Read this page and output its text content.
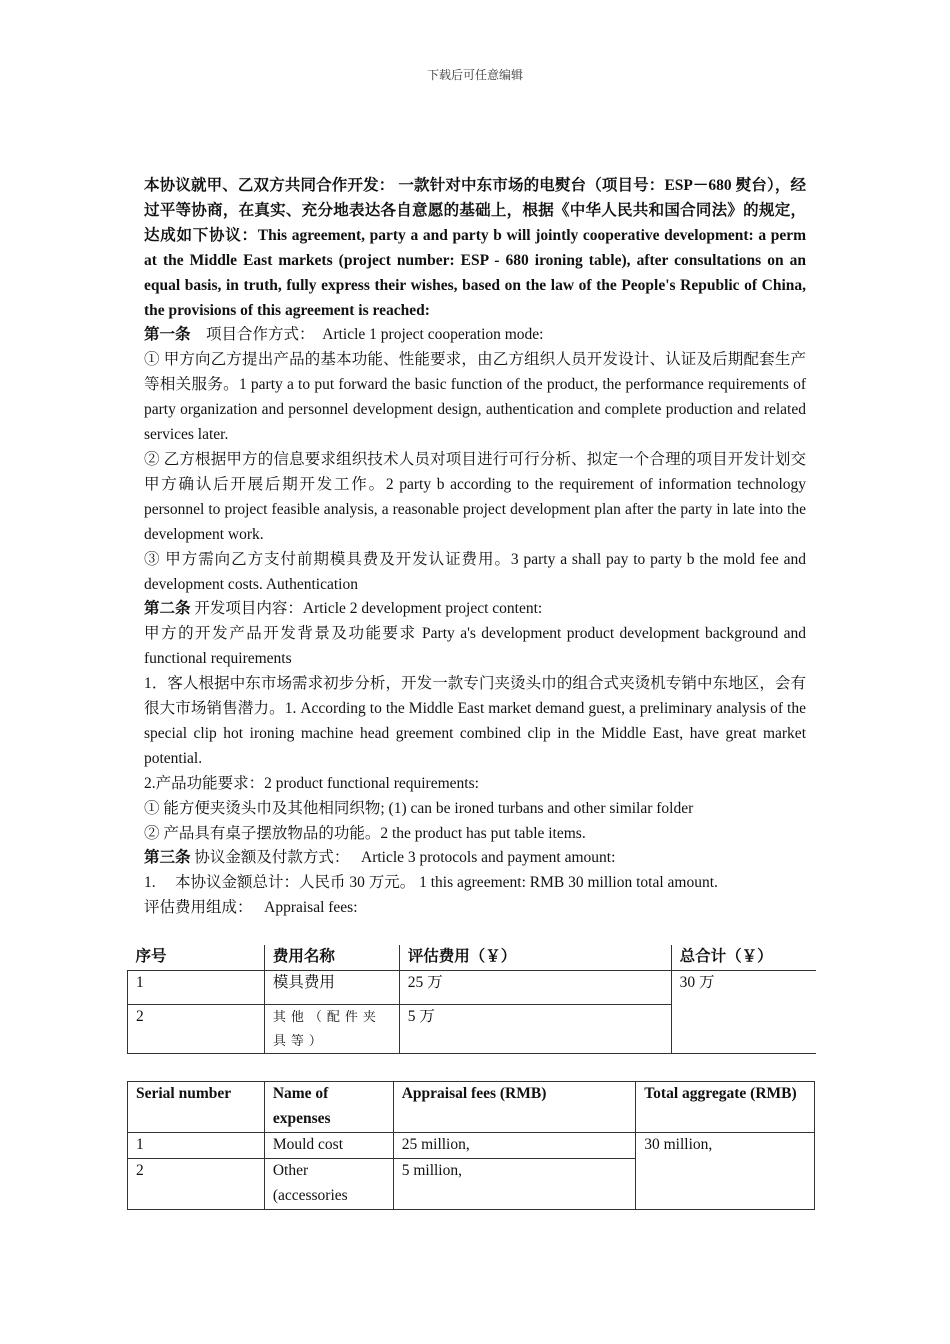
下载后可任意编辑

本协议就甲、乙双方共同合作开发： 一款针对中东市场的电熨台（项目号：ESP－680 熨台），经过平等协商，在真实、充分地表达各自意愿的基础上，根据《中华人民共和国合同法》的规定，达成如下协议：This agreement, party a and party b will jointly cooperative development: a perm at the Middle East markets (project number: ESP - 680 ironing table), after consultations on an equal basis, in truth, fully express their wishes, based on the law of the People's Republic of China, the provisions of this agreement is reached:

第一条　项目合作方式：　Article 1 project cooperation mode:

① 甲方向乙方提出产品的基本功能、性能要求，由乙方组织人员开发设计、认证及后期配套生产等相关服务。1 party a to put forward the basic function of the product, the performance requirements of party organization and personnel development design, authentication and complete production and related services later.

② 乙方根据甲方的信息要求组织技术人员对项目进行可行分析、拟定一个合理的项目开发计划交甲方确认后开展后期开发工作。2 party b according to the requirement of information technology personnel to project feasible analysis, a reasonable project development plan after the party in late into the development work.

③ 甲方需向乙方支付前期模具费及开发认证费用。3 party a shall pay to party b the mold fee and development costs. Authentication

第二条 开发项目内容：Article 2 development project content:

甲方的开发产品开发背景及功能要求 Party a's development product development background and functional requirements

1．客人根据中东市场需求初步分析，开发一款专门夹烫头巾的组合式夹烫机专销中东地区，会有很大市场销售潜力。1. According to the Middle East market demand guest, a preliminary analysis of the special clip hot ironing machine head greement combined clip in the Middle East, have great market potential.

2.产品功能要求：2 product functional requirements:

① 能方便夹烫头巾及其他相同织物; (1) can be ironed turbans and other similar folder

② 产品具有桌子摆放物品的功能。2 the product has put table items.

第三条 协议金额及付款方式：　 Article 3 protocols and payment amount:

1.　 本协议金额总计：人民币 30 万元。 1 this agreement: RMB 30 million total amount.

评估费用组成：　 Appraisal fees:

序号	费用名称	评估费用（￥）	总合计（￥）
1	模具费用	25 万	30 万
2	其他（配件夹具等）	5 万	
Serial number	Name of expenses	Appraisal fees (RMB)	Total aggregate (RMB)
1	Mould cost	25 million,	30 million,
2	Other (accessories	5 million,	
